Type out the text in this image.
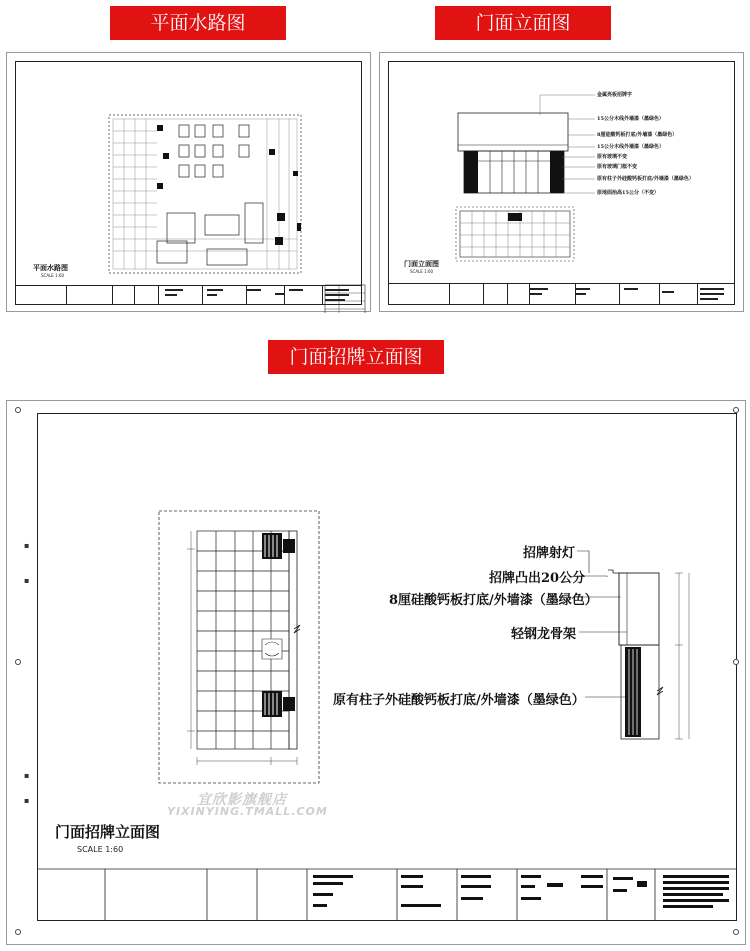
平面水路图	门面立面图
门面招牌立面图
平面水路图
SCALE 1:60
金属亮板招牌字
15公分木线外墙漆（墨绿色）
8厘硅酸钙板打底/外墙漆（墨绿色）
15公分木线外墙漆（墨绿色）
原有玻璃不变
原有玻璃门框不变
原有柱子外硅酸钙板打底/外墙漆（墨绿色）
原地面抬高15公分（不变）
门面立面图
SCALE 1:60
▪
▪
▪
▪
招牌射灯
招牌凸出20公分
8厘硅酸钙板打底/外墙漆（墨绿色）
轻钢龙骨架
原有柱子外硅酸钙板打底/外墙漆（墨绿色）
宜欣影旗舰店
YIXINYING.TMALL.COM
门面招牌立面图
SCALE 1:60
